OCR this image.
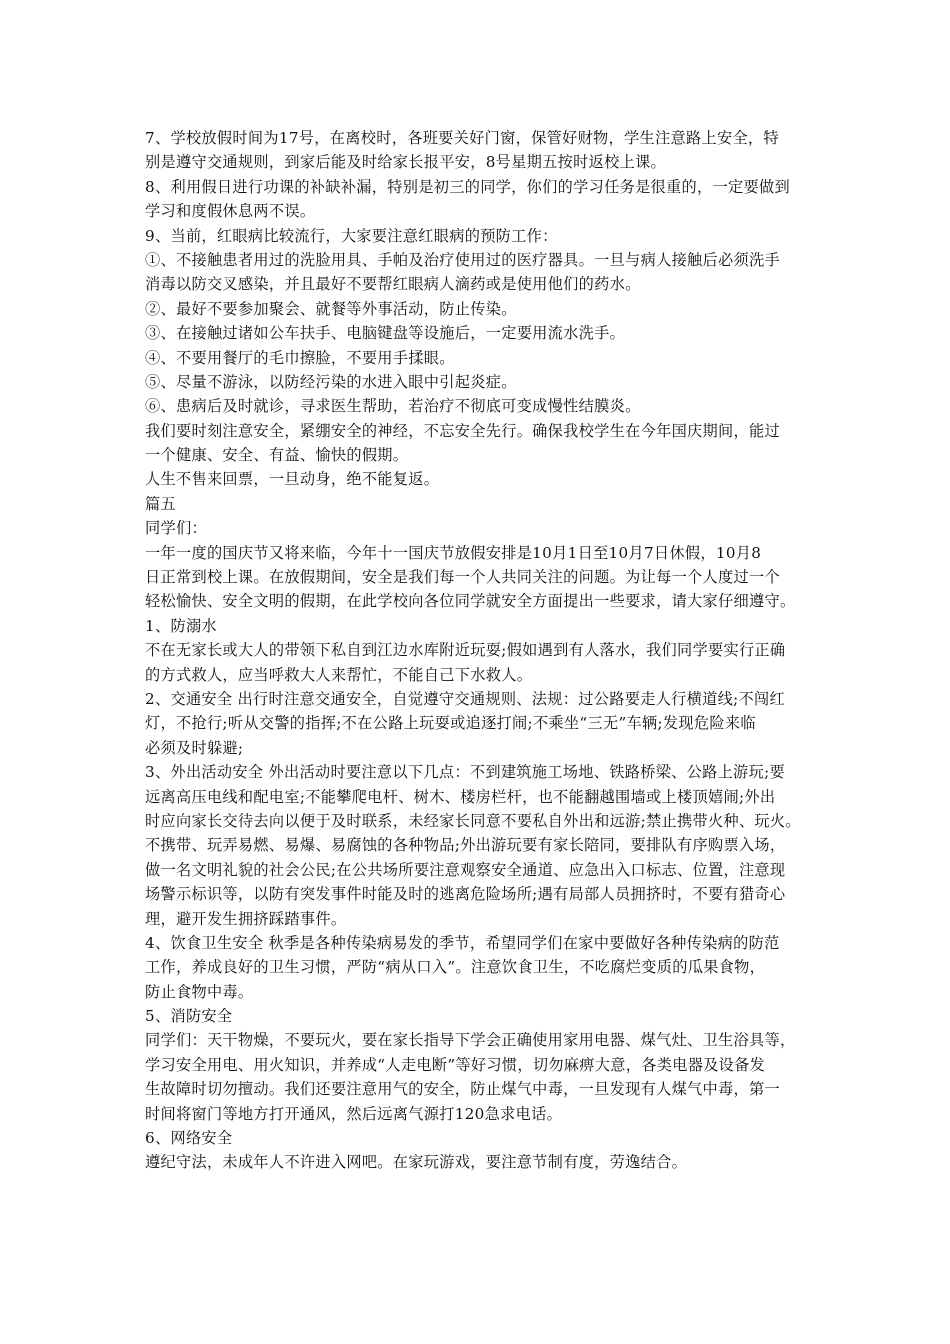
7、学校放假时间为17号，在离校时，各班要关好门窗，保管好财物，学生注意路上安全，特
别是遵守交通规则，到家后能及时给家长报平安，8号星期五按时返校上课。
8、利用假日进行功课的补缺补漏，特别是初三的同学，你们的学习任务是很重的，一定要做到
学习和度假休息两不误。
9、当前，红眼病比较流行，大家要注意红眼病的预防工作：
①、不接触患者用过的洗脸用具、手帕及治疗使用过的医疗器具。一旦与病人接触后必须洗手
消毒以防交叉感染，并且最好不要帮红眼病人滴药或是使用他们的药水。
②、最好不要参加聚会、就餐等外事活动，防止传染。
③、在接触过诸如公车扶手、电脑键盘等设施后，一定要用流水洗手。
④、不要用餐厅的毛巾擦脸，不要用手揉眼。
⑤、尽量不游泳，以防经污染的水进入眼中引起炎症。
⑥、患病后及时就诊，寻求医生帮助，若治疗不彻底可变成慢性结膜炎。
我们要时刻注意安全，紧绷安全的神经，不忘安全先行。确保我校学生在今年国庆期间，能过
一个健康、安全、有益、愉快的假期。
人生不售来回票，一旦动身，绝不能复返。
篇五
同学们：
一年一度的国庆节又将来临，今年十一国庆节放假安排是10月1日至10月7日休假，10月8
日正常到校上课。在放假期间，安全是我们每一个人共同关注的问题。为让每一个人度过一个
轻松愉快、安全文明的假期，在此学校向各位同学就安全方面提出一些要求，请大家仔细遵守。
1、防溺水
不在无家长或大人的带领下私自到江边水库附近玩耍;假如遇到有人落水，我们同学要实行正确
的方式救人，应当呼救大人来帮忙，不能自己下水救人。
2、交通安全 出行时注意交通安全，自觉遵守交通规则、法规：过公路要走人行横道线;不闯红
灯，不抢行;听从交警的指挥;不在公路上玩耍或追逐打闹;不乘坐“三无”车辆;发现危险来临
必须及时躲避;
3、外出活动安全 外出活动时要注意以下几点：不到建筑施工场地、铁路桥梁、公路上游玩;要
远离高压电线和配电室;不能攀爬电杆、树木、楼房栏杆，也不能翻越围墙或上楼顶嬉闹;外出
时应向家长交待去向以便于及时联系，未经家长同意不要私自外出和远游;禁止携带火种、玩火。
不携带、玩弄易燃、易爆、易腐蚀的各种物品;外出游玩要有家长陪同，要排队有序购票入场，
做一名文明礼貌的社会公民;在公共场所要注意观察安全通道、应急出入口标志、位置，注意现
场警示标识等，以防有突发事件时能及时的逃离危险场所;遇有局部人员拥挤时，不要有猎奇心
理，避开发生拥挤踩踏事件。
4、饮食卫生安全 秋季是各种传染病易发的季节，希望同学们在家中要做好各种传染病的防范
工作，养成良好的卫生习惯，严防“病从口入”。注意饮食卫生，不吃腐烂变质的瓜果食物，
防止食物中毒。
5、消防安全
同学们：天干物燥，不要玩火，要在家长指导下学会正确使用家用电器、煤气灶、卫生浴具等，
学习安全用电、用火知识，并养成“人走电断”等好习惯，切勿麻痹大意，各类电器及设备发
生故障时切勿擅动。我们还要注意用气的安全，防止煤气中毒，一旦发现有人煤气中毒，第一
时间将窗门等地方打开通风，然后远离气源打120急求电话。
6、网络安全
遵纪守法，未成年人不许进入网吧。在家玩游戏，要注意节制有度，劳逸结合。
